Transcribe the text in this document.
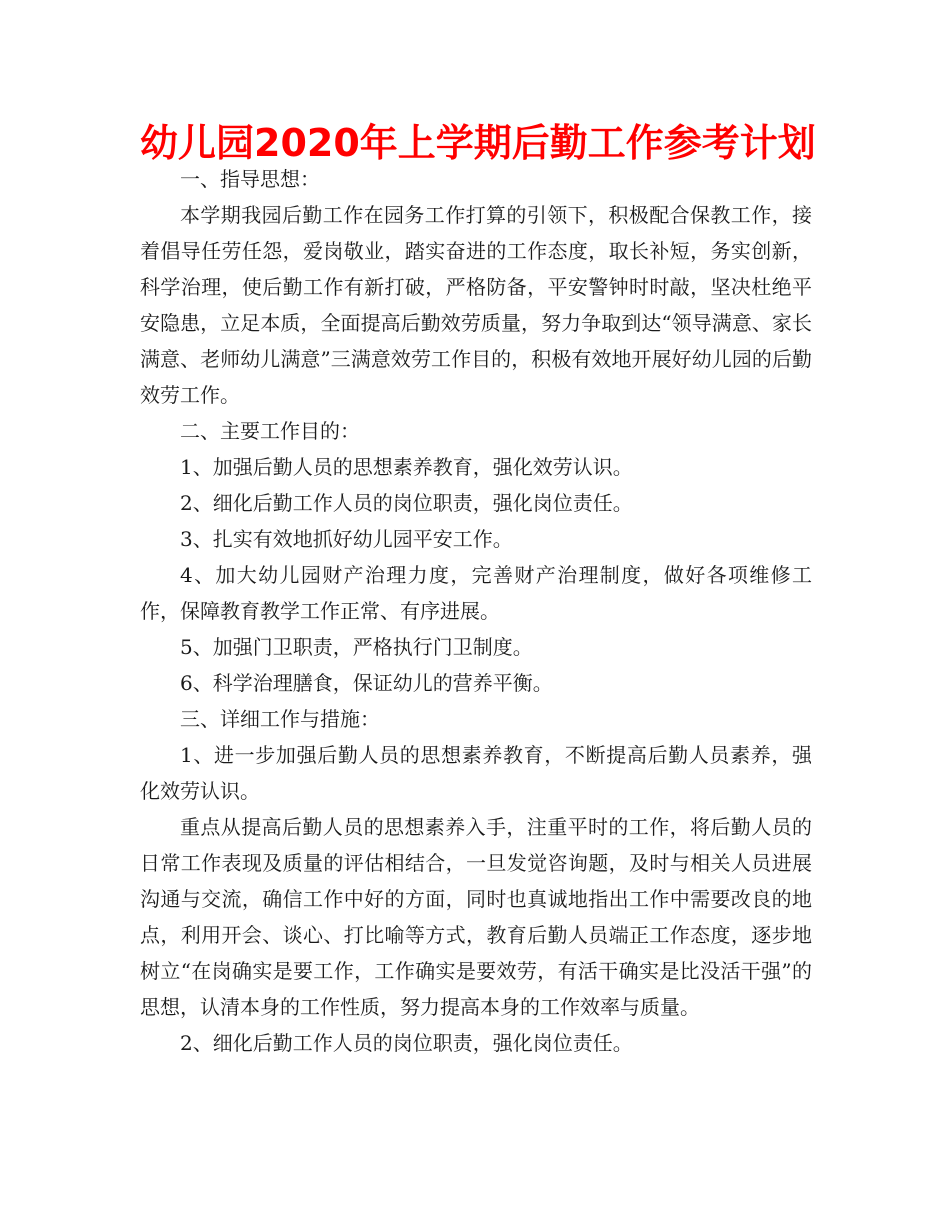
幼儿园2020年上学期后勤工作参考计划

一、指导思想：

本学期我园后勤工作在园务工作打算的引领下，积极配合保教工作，接着倡导任劳任怨，爱岗敬业，踏实奋进的工作态度，取长补短，务实创新，科学治理，使后勤工作有新打破，严格防备，平安警钟时时敲，坚决杜绝平安隐患，立足本质，全面提高后勤效劳质量，努力争取到达“领导满意、家长满意、老师幼儿满意”三满意效劳工作目的，积极有效地开展好幼儿园的后勤效劳工作。

二、主要工作目的：

1、加强后勤人员的思想素养教育，强化效劳认识。

2、细化后勤工作人员的岗位职责，强化岗位责任。

3、扎实有效地抓好幼儿园平安工作。

4、加大幼儿园财产治理力度，完善财产治理制度，做好各项维修工作，保障教育教学工作正常、有序进展。

5、加强门卫职责，严格执行门卫制度。

6、科学治理膳食，保证幼儿的营养平衡。

三、详细工作与措施：

1、进一步加强后勤人员的思想素养教育，不断提高后勤人员素养，强化效劳认识。

重点从提高后勤人员的思想素养入手，注重平时的工作，将后勤人员的日常工作表现及质量的评估相结合，一旦发觉咨询题，及时与相关人员进展沟通与交流，确信工作中好的方面，同时也真诚地指出工作中需要改良的地点，利用开会、谈心、打比喻等方式，教育后勤人员端正工作态度，逐步地树立“在岗确实是要工作，工作确实是要效劳，有活干确实是比没活干强”的思想，认清本身的工作性质，努力提高本身的工作效率与质量。

2、细化后勤工作人员的岗位职责，强化岗位责任。
